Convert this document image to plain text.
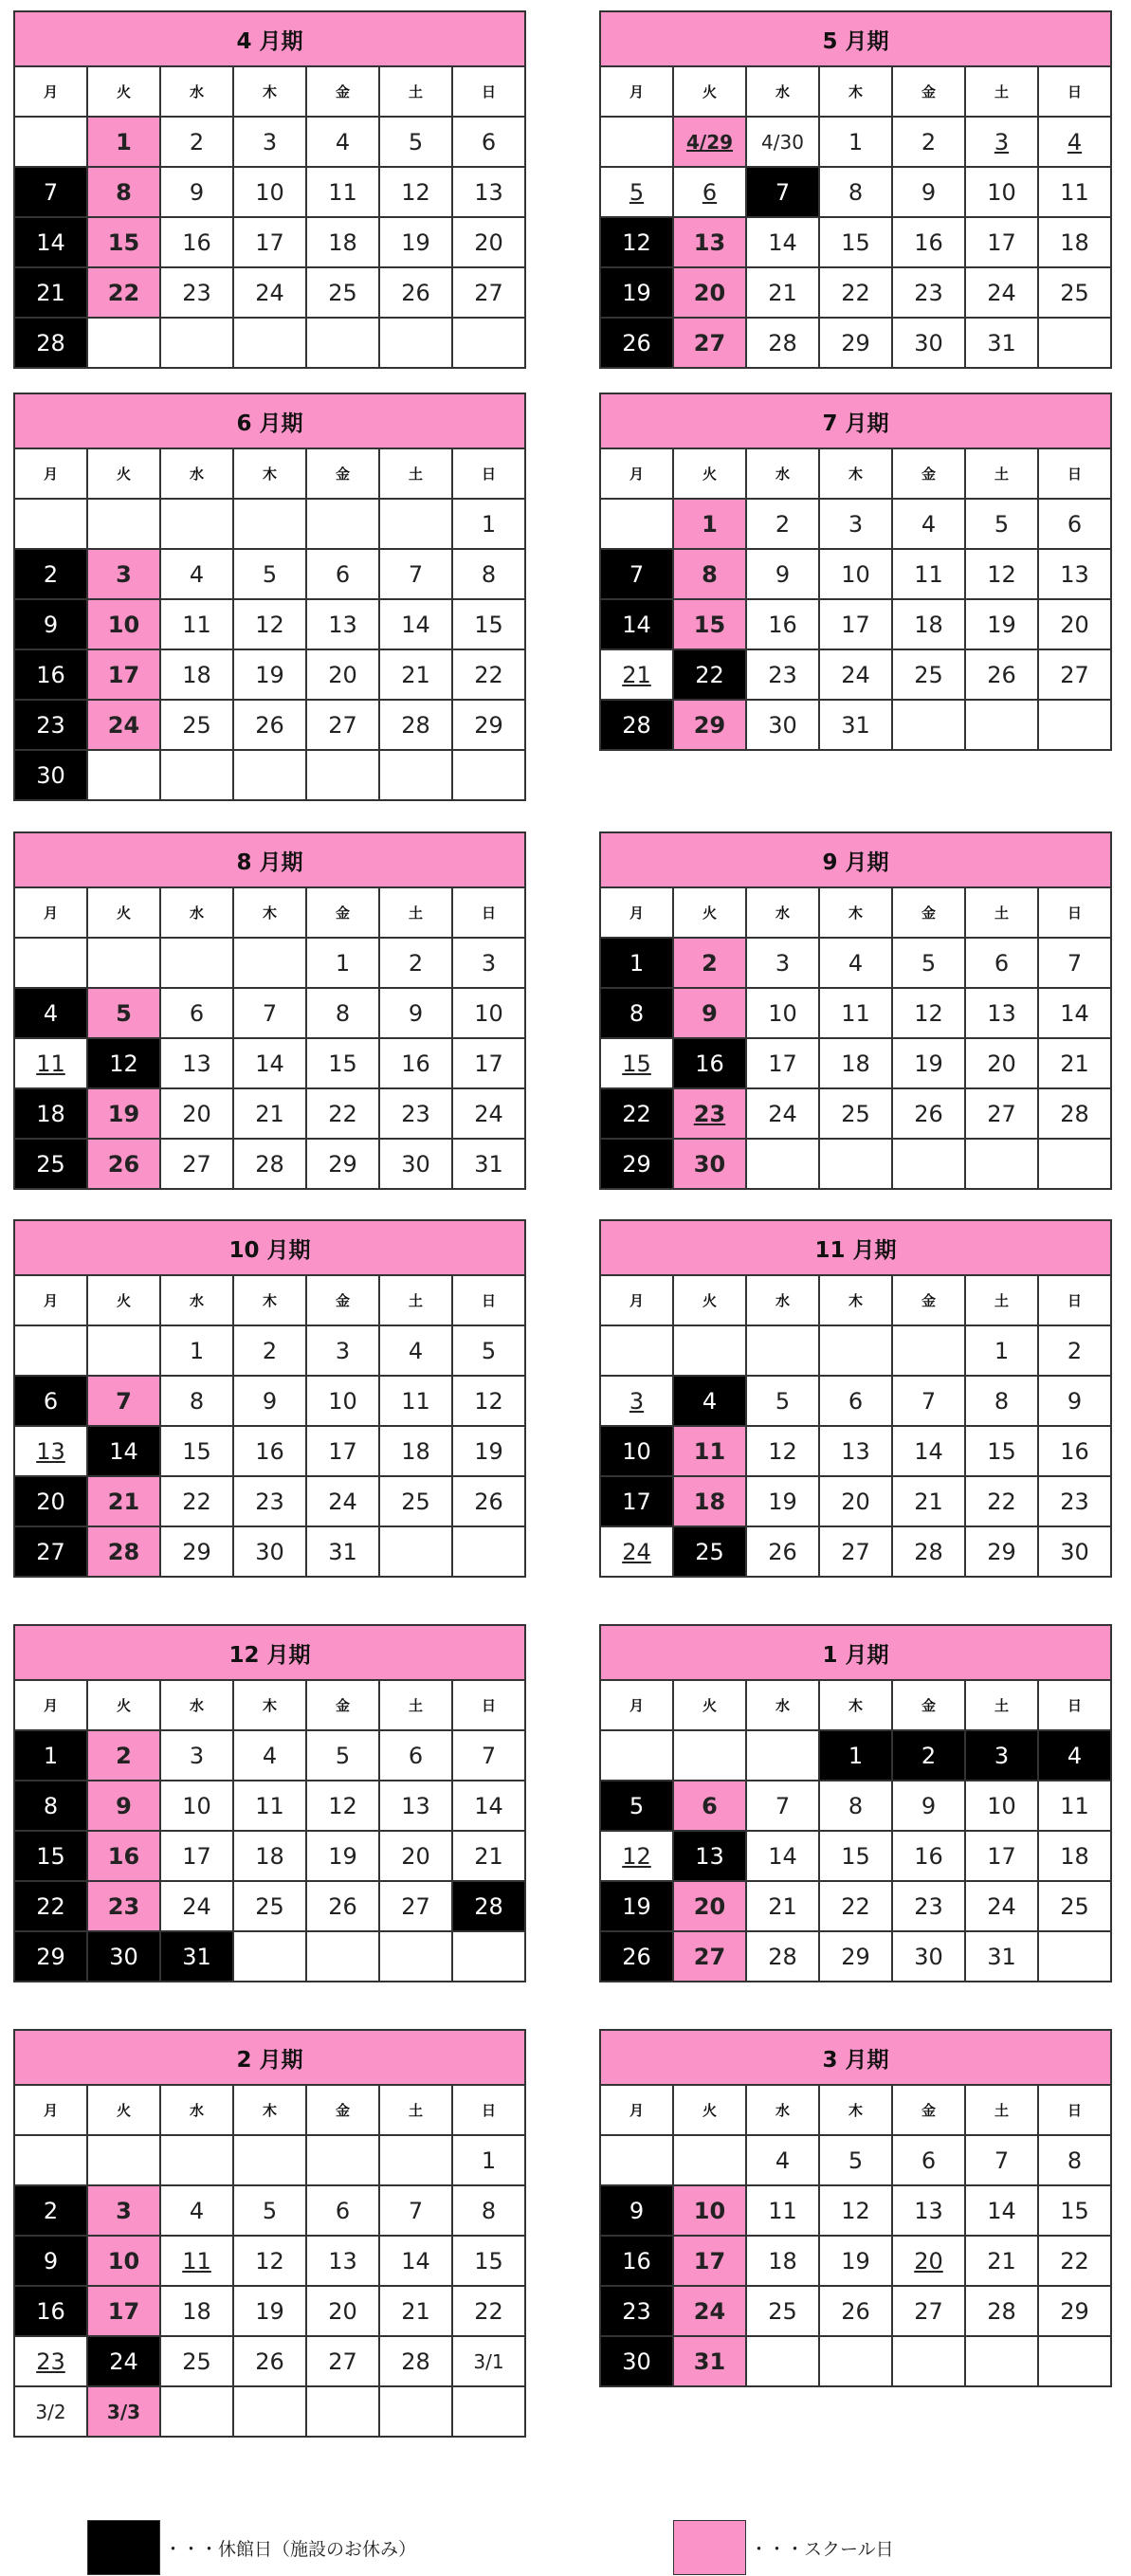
4 月期						
月	火	水	木	金	土	日
	1	2	3	4	5	6
7	8	9	10	11	12	13
14	15	16	17	18	19	20
21	22	23	24	25	26	27
28						
5 月期						
月	火	水	木	金	土	日
	4/29	4/30	1	2	3	4
5	6	7	8	9	10	11
12	13	14	15	16	17	18
19	20	21	22	23	24	25
26	27	28	29	30	31	
6 月期						
月	火	水	木	金	土	日
						1
2	3	4	5	6	7	8
9	10	11	12	13	14	15
16	17	18	19	20	21	22
23	24	25	26	27	28	29
30						
7 月期						
月	火	水	木	金	土	日
	1	2	3	4	5	6
7	8	9	10	11	12	13
14	15	16	17	18	19	20
21	22	23	24	25	26	27
28	29	30	31			
8 月期						
月	火	水	木	金	土	日
				1	2	3
4	5	6	7	8	9	10
11	12	13	14	15	16	17
18	19	20	21	22	23	24
25	26	27	28	29	30	31
9 月期						
月	火	水	木	金	土	日
1	2	3	4	5	6	7
8	9	10	11	12	13	14
15	16	17	18	19	20	21
22	23	24	25	26	27	28
29	30					
10 月期						
月	火	水	木	金	土	日
		1	2	3	4	5
6	7	8	9	10	11	12
13	14	15	16	17	18	19
20	21	22	23	24	25	26
27	28	29	30	31		
11 月期						
月	火	水	木	金	土	日
					1	2
3	4	5	6	7	8	9
10	11	12	13	14	15	16
17	18	19	20	21	22	23
24	25	26	27	28	29	30
12 月期						
月	火	水	木	金	土	日
1	2	3	4	5	6	7
8	9	10	11	12	13	14
15	16	17	18	19	20	21
22	23	24	25	26	27	28
29	30	31				
1 月期						
月	火	水	木	金	土	日
			1	2	3	4
5	6	7	8	9	10	11
12	13	14	15	16	17	18
19	20	21	22	23	24	25
26	27	28	29	30	31	
2 月期						
月	火	水	木	金	土	日
						1
2	3	4	5	6	7	8
9	10	11	12	13	14	15
16	17	18	19	20	21	22
23	24	25	26	27	28	3/1
3/2	3/3					
3 月期						
月	火	水	木	金	土	日
		4	5	6	7	8
9	10	11	12	13	14	15
16	17	18	19	20	21	22
23	24	25	26	27	28	29
30	31					
・・・休館日（施設のお休み）	・・・スクール日
